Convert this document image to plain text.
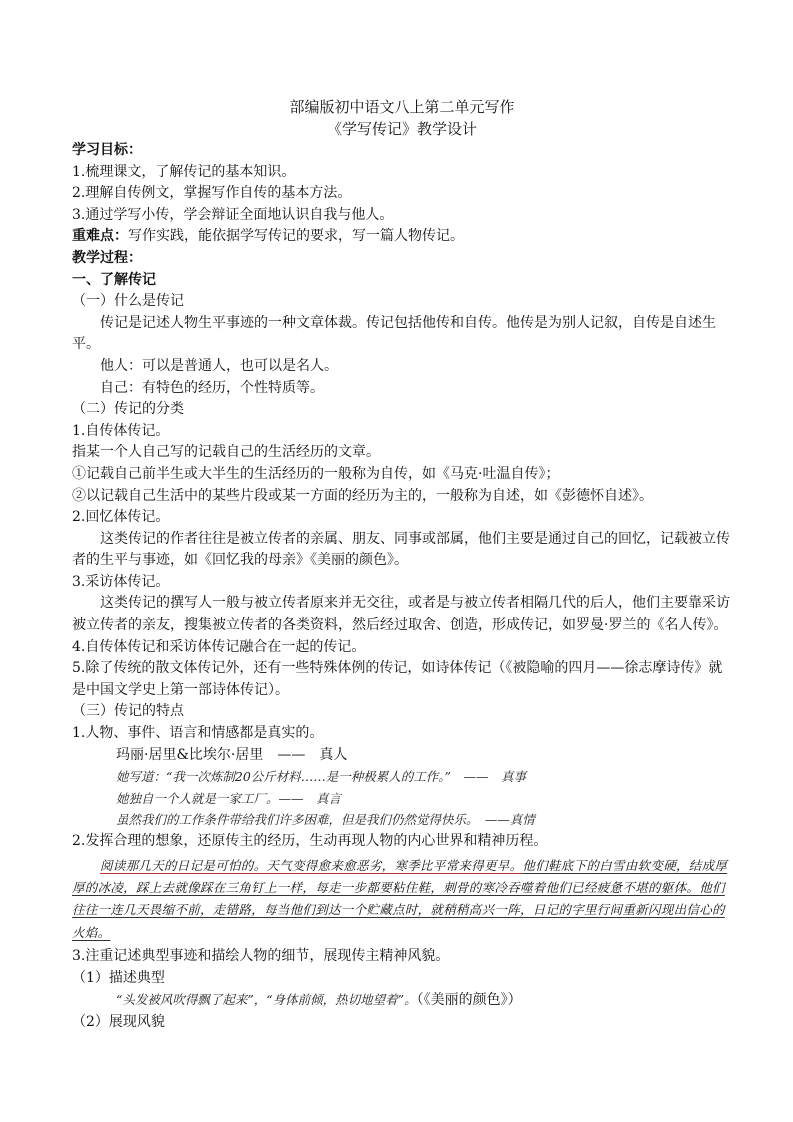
部编版初中语文八上第二单元写作

《学写传记》教学设计

学习目标：

1.梳理课文，了解传记的基本知识。

2.理解自传例文，掌握写作自传的基本方法。

3.通过学写小传，学会辩证全面地认识自我与他人。

重难点：写作实践，能依据学写传记的要求，写一篇人物传记。

教学过程：

一、了解传记

（一）什么是传记

传记是记述人物生平事迹的一种文章体裁。传记包括他传和自传。他传是为别人记叙，自传是自述生平。

他人：可以是普通人，也可以是名人。

自己：有特色的经历，个性特质等。

（二）传记的分类

1.自传体传记。

指某一个人自己写的记载自己的生活经历的文章。

①记载自己前半生或大半生的生活经历的一般称为自传，如《马克·吐温自传》；

②以记载自己生活中的某些片段或某一方面的经历为主的，一般称为自述，如《彭德怀自述》。

2.回忆体传记。

这类传记的作者往往是被立传者的亲属、朋友、同事或部属，他们主要是通过自己的回忆，记载被立传者的生平与事迹，如《回忆我的母亲》《美丽的颜色》。

3.采访体传记。

这类传记的撰写人一般与被立传者原来并无交往，或者是与被立传者相隔几代的后人，他们主要靠采访被立传者的亲友，搜集被立传者的各类资料，然后经过取舍、创造，形成传记，如罗曼·罗兰的《名人传》。

4.自传体传记和采访体传记融合在一起的传记。

5.除了传统的散文体传记外，还有一些特殊体例的传记，如诗体传记（《被隐喻的四月——徐志摩诗传》就是中国文学史上第一部诗体传记）。

（三）传记的特点

1.人物、事件、语言和情感都是真实的。

玛丽·居里&比埃尔·居里　——　真人

她写道：“我一次炼制20公斤材料……是一种极累人的工作。”　——　真事

她独自一个人就是一家工厂。——　真言

虽然我们的工作条件带给我们许多困难，但是我们仍然觉得快乐。　——真情

2.发挥合理的想象，还原传主的经历，生动再现人物的内心世界和精神历程。

阅读那几天的日记是可怕的。天气变得愈来愈恶劣，寒季比平常来得更早。他们鞋底下的白雪由软变硬，结成厚厚的冰凌，踩上去就像踩在三角钉上一样，每走一步都要粘住鞋，刺骨的寒冷吞噬着他们已经疲惫不堪的躯体。他们往往一连几天畏缩不前，走错路，每当他们到达一个贮藏点时，就稍稍高兴一阵，日记的字里行间重新闪现出信心的火焰。

3.注重记述典型事迹和描绘人物的细节，展现传主精神风貌。

（1）描述典型

“头发被风吹得飘了起来”，“身体前倾，热切地望着”。（《美丽的颜色》）

（2）展现风貌
